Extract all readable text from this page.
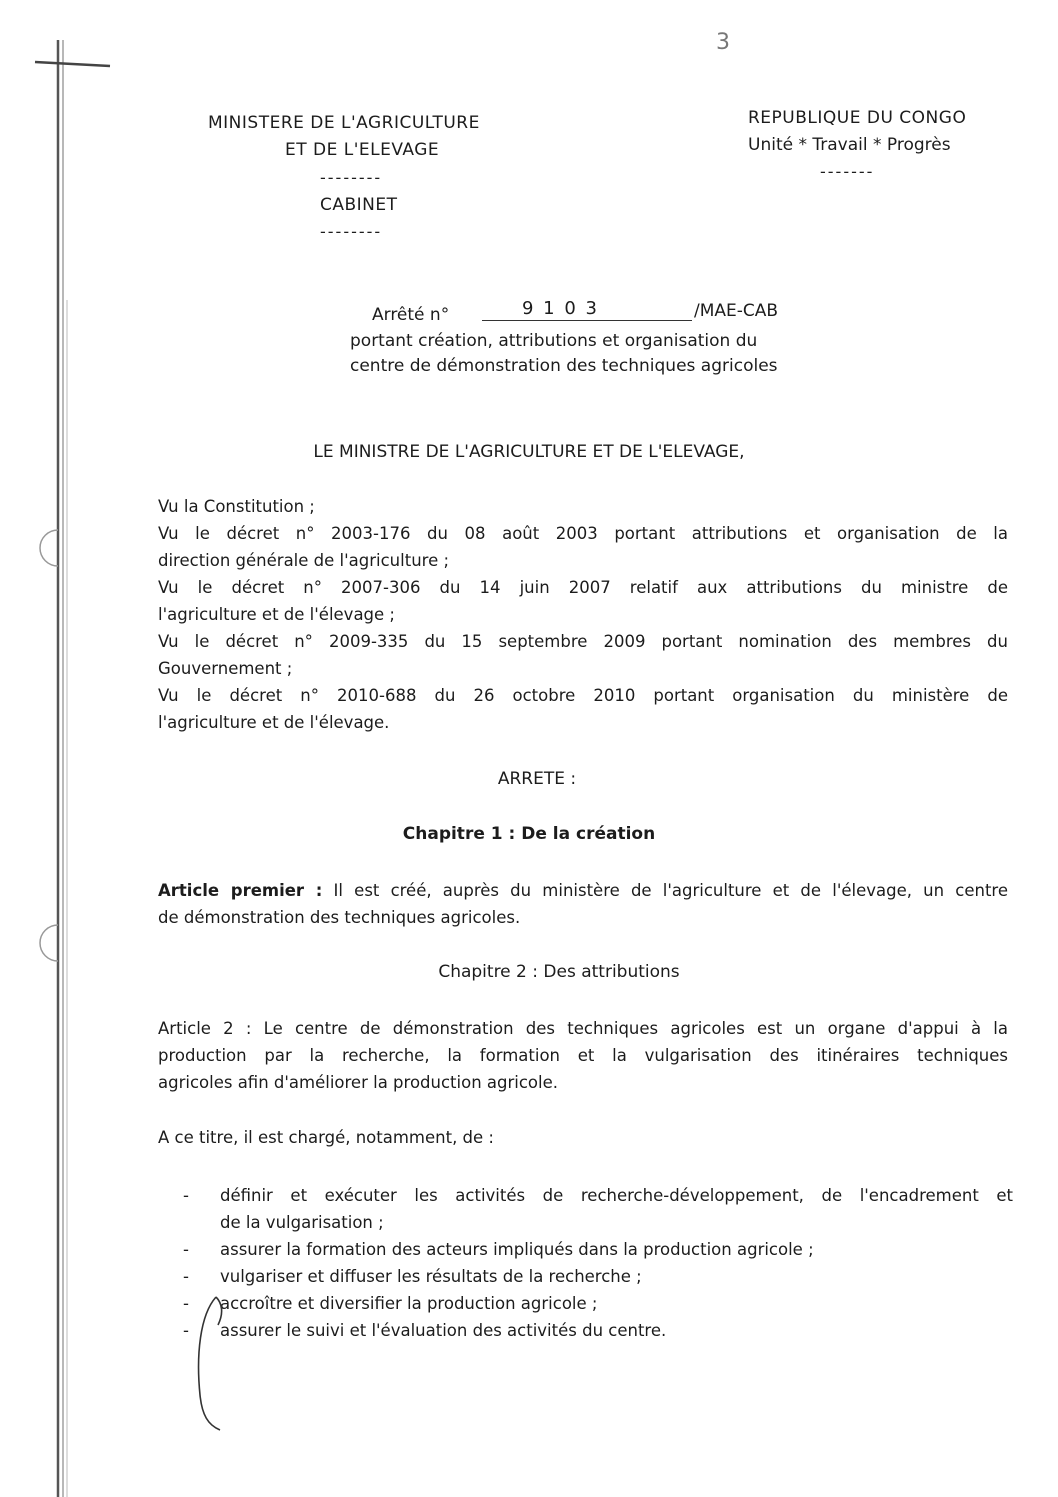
3
MINISTERE DE L'AGRICULTURE
ET DE L'ELEVAGE
--------
CABINET
--------
REPUBLIQUE DU CONGO
Unité * Travail * Progrès
-------
Arrêté n°	9 1 0 3	/MAE-CAB
portant création, attributions et organisation du
centre de démonstration des techniques agricoles
LE MINISTRE DE L'AGRICULTURE ET DE L'ELEVAGE,
Vu la Constitution ;
Vu le décret n° 2003-176 du 08 août 2003 portant attributions et organisation de la
direction générale de l'agriculture ;
Vu le décret n° 2007-306 du 14 juin 2007 relatif aux attributions du ministre de
l'agriculture et de l'élevage ;
Vu le décret n° 2009-335 du 15 septembre 2009 portant nomination des membres du
Gouvernement ;
Vu le décret n° 2010-688 du 26 octobre 2010 portant organisation du ministère de
l'agriculture et de l'élevage.
ARRETE :
Chapitre 1 : De la création
Article premier : Il est créé, auprès du ministère de l'agriculture et de l'élevage, un centre
de démonstration des techniques agricoles.
Chapitre 2 : Des attributions
Article 2 : Le centre de démonstration des techniques agricoles est un organe d'appui à la
production par la recherche, la formation et la vulgarisation des itinéraires techniques
agricoles afin d'améliorer la production agricole.
A ce titre, il est chargé, notamment, de :
- définir et exécuter les activités de recherche-développement, de l'encadrement et
de la vulgarisation ;
- assurer la formation des acteurs impliqués dans la production agricole ;
- vulgariser et diffuser les résultats de la recherche ;
- accroître et diversifier la production agricole ;
- assurer le suivi et l'évaluation des activités du centre.
